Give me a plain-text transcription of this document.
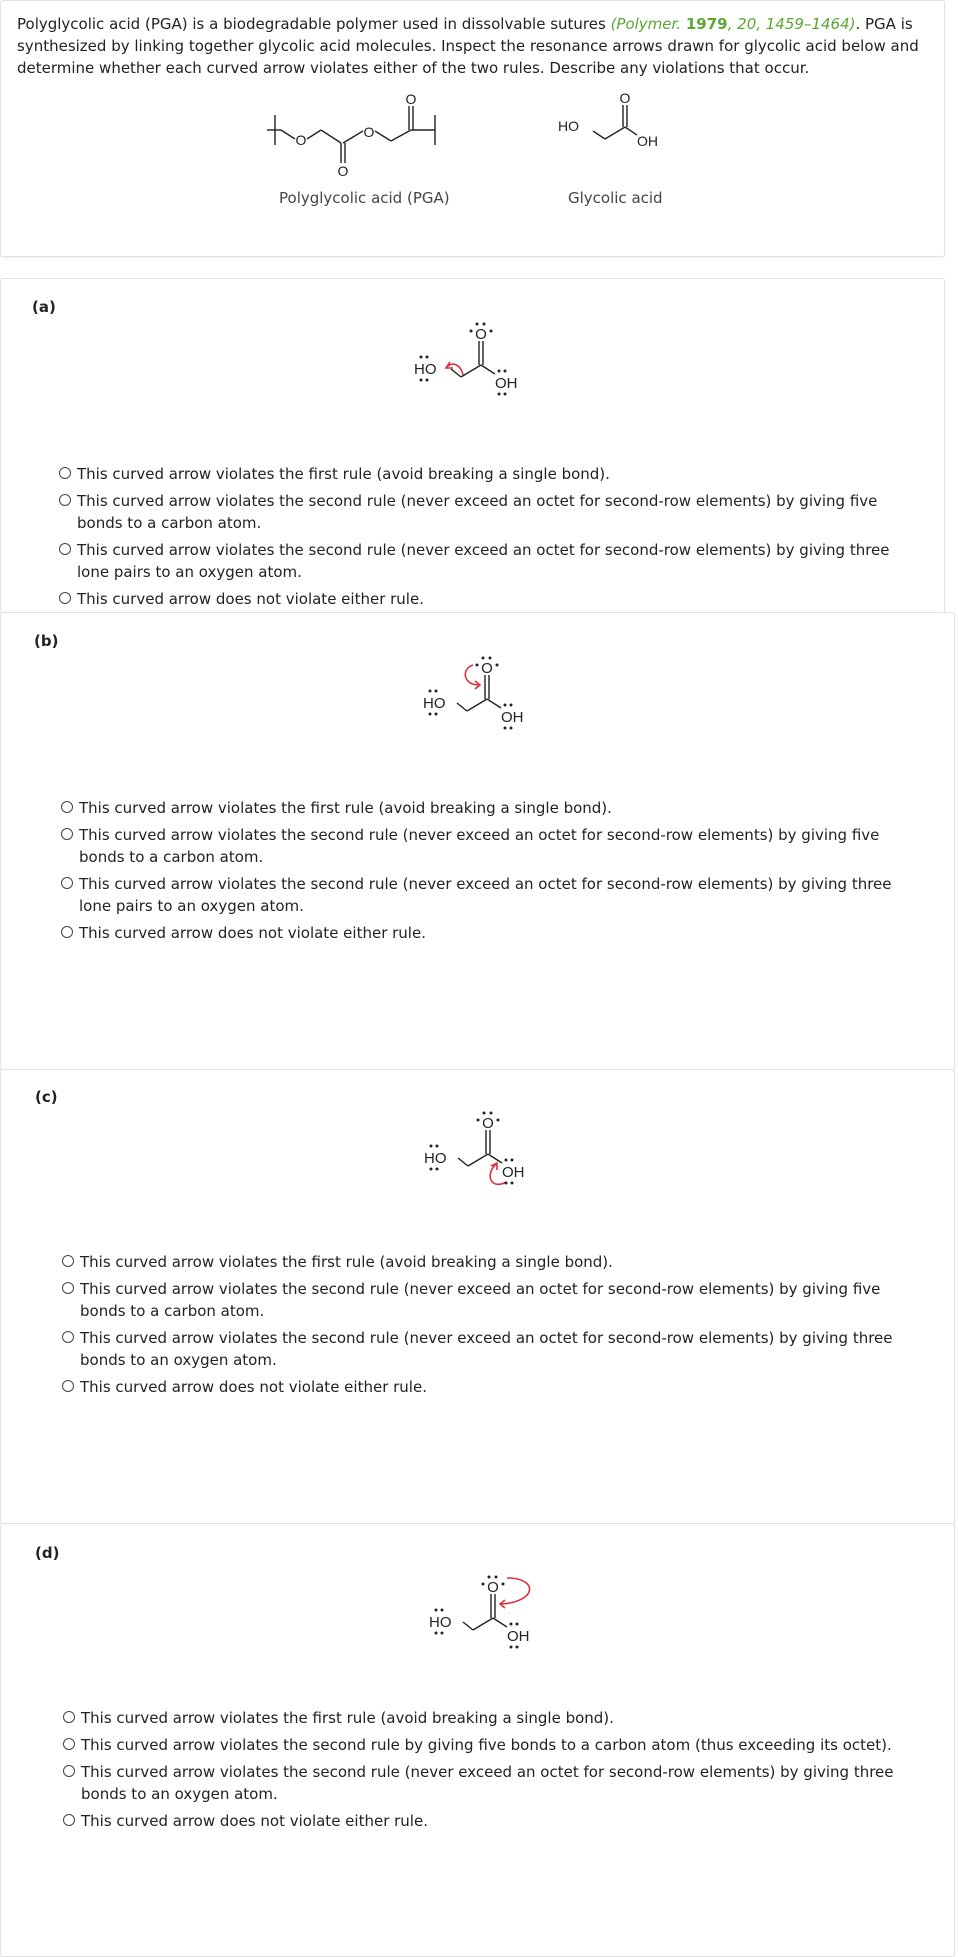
Polyglycolic acid (PGA) is a biodegradable polymer used in dissolvable sutures (Polymer. 1979, 20, 1459–1464). PGA is synthesized by linking together glycolic acid molecules. Inspect the resonance arrows drawn for glycolic acid below and determine whether each curved arrow violates either of the two rules. Describe any violations that occur.
O	O
O
O
Polyglycolic acid (PGA)
O
HO
OH
Glycolic acid
(a)
HO
O
OH
This curved arrow violates the first rule (avoid breaking a single bond).
This curved arrow violates the second rule (never exceed an octet for second-row elements) by giving five bonds to a carbon atom.
This curved arrow violates the second rule (never exceed an octet for second-row elements) by giving three lone pairs to an oxygen atom.
This curved arrow does not violate either rule.
(b)
HO
O
OH
This curved arrow violates the first rule (avoid breaking a single bond).
This curved arrow violates the second rule (never exceed an octet for second-row elements) by giving five bonds to a carbon atom.
This curved arrow violates the second rule (never exceed an octet for second-row elements) by giving three lone pairs to an oxygen atom.
This curved arrow does not violate either rule.
(c)
HO
O
OH
This curved arrow violates the first rule (avoid breaking a single bond).
This curved arrow violates the second rule (never exceed an octet for second-row elements) by giving five bonds to a carbon atom.
This curved arrow violates the second rule (never exceed an octet for second-row elements) by giving three bonds to an oxygen atom.
This curved arrow does not violate either rule.
(d)
HO
O
OH
This curved arrow violates the first rule (avoid breaking a single bond).
This curved arrow violates the second rule by giving five bonds to a carbon atom (thus exceeding its octet).
This curved arrow violates the second rule (never exceed an octet for second-row elements) by giving three bonds to an oxygen atom.
This curved arrow does not violate either rule.
